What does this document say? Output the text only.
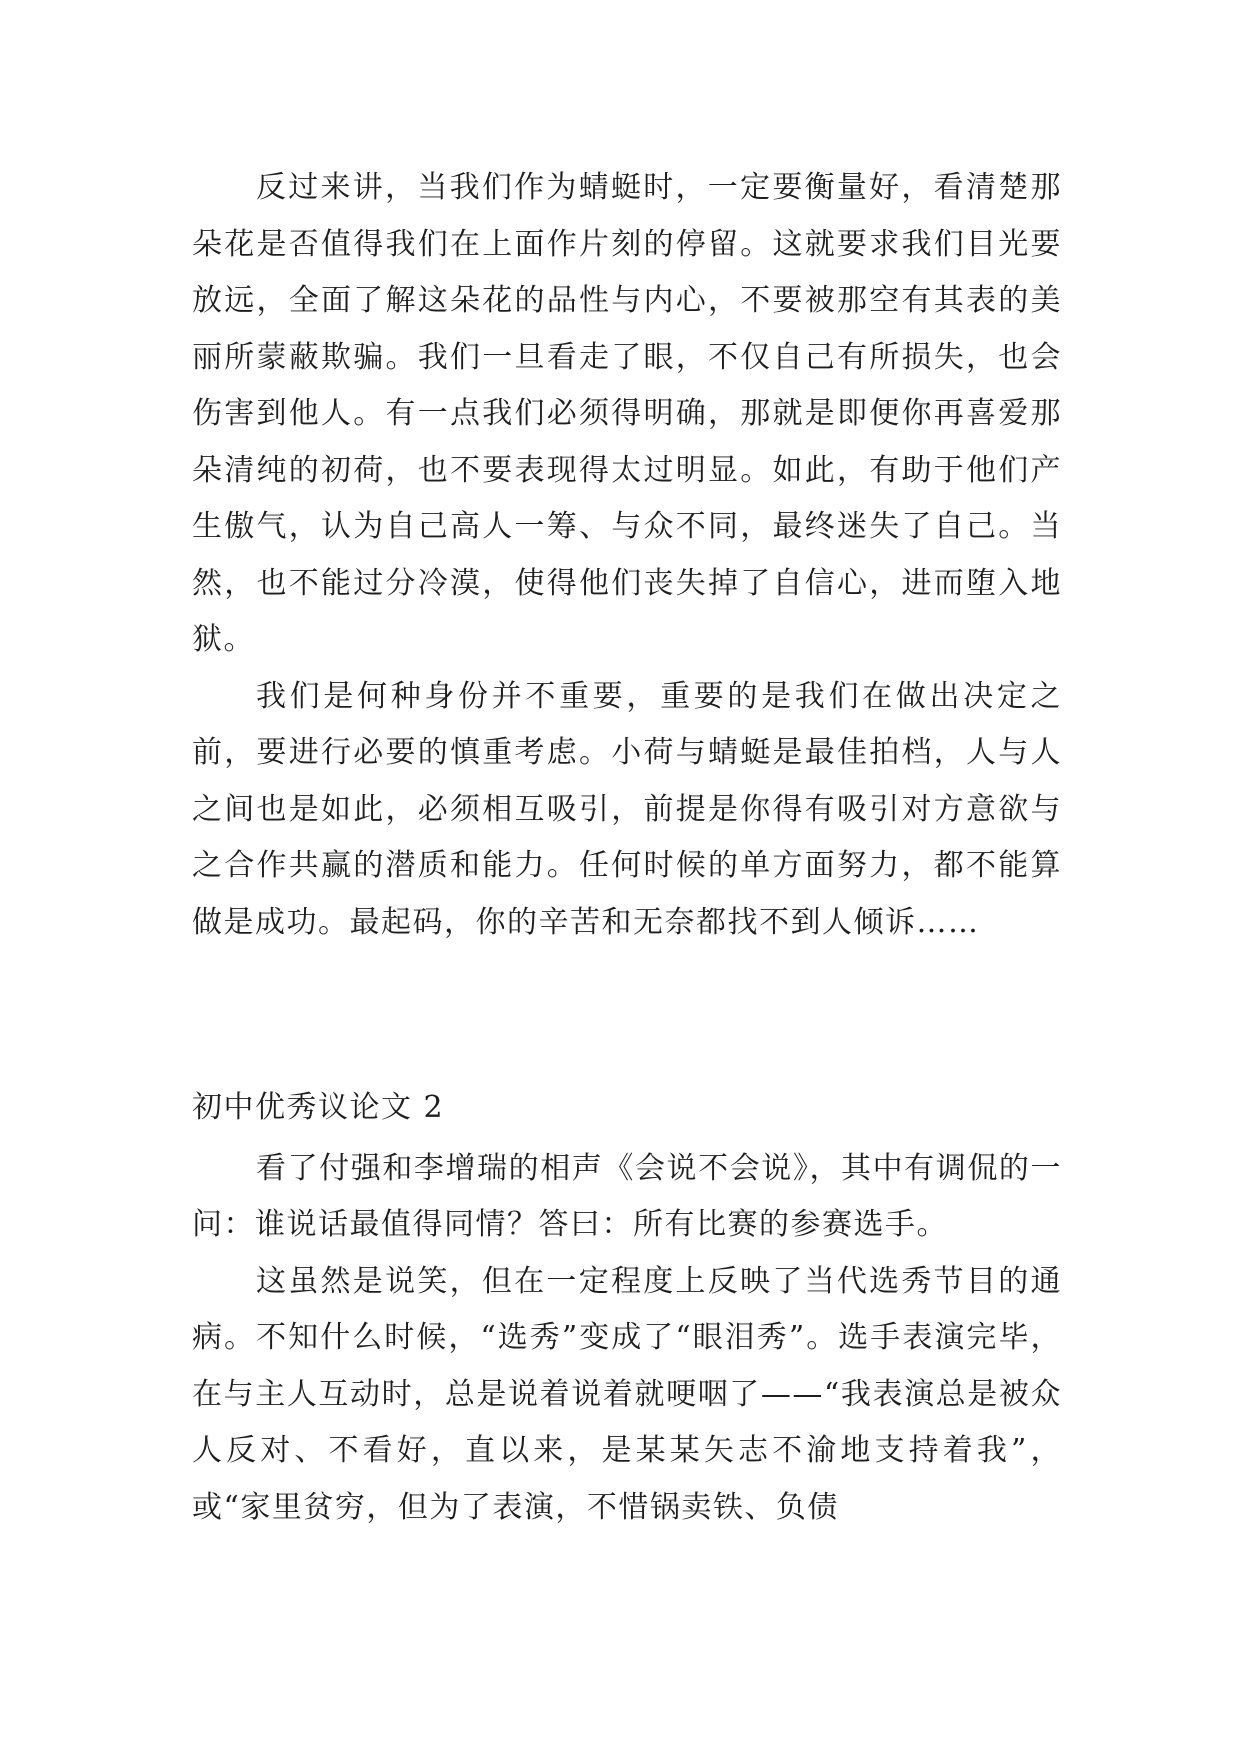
反过来讲，当我们作为蜻蜓时，一定要衡量好，看清楚那朵花是否值得我们在上面作片刻的停留。这就要求我们目光要放远，全面了解这朵花的品性与内心，不要被那空有其表的美丽所蒙蔽欺骗。我们一旦看走了眼，不仅自己有所损失，也会伤害到他人。有一点我们必须得明确，那就是即便你再喜爱那朵清纯的初荷，也不要表现得太过明显。如此，有助于他们产生傲气，认为自己高人一筹、与众不同，最终迷失了自己。当然，也不能过分冷漠，使得他们丧失掉了自信心，进而堕入地狱。

我们是何种身份并不重要，重要的是我们在做出决定之前，要进行必要的慎重考虑。小荷与蜻蜓是最佳拍档，人与人之间也是如此，必须相互吸引，前提是你得有吸引对方意欲与之合作共赢的潜质和能力。任何时候的单方面努力，都不能算做是成功。最起码，你的辛苦和无奈都找不到人倾诉……

初中优秀议论文 2

看了付强和李增瑞的相声《会说不会说》，其中有调侃的一问：谁说话最值得同情？答曰：所有比赛的参赛选手。

这虽然是说笑，但在一定程度上反映了当代选秀节目的通病。不知什么时候，“选秀”变成了“眼泪秀”。选手表演完毕，在与主人互动时，总是说着说着就哽咽了——“我表演总是被众人反对、不看好，直以来，是某某矢志不渝地支持着我”，或“家里贫穷，但为了表演，不惜锅卖铁、负债
